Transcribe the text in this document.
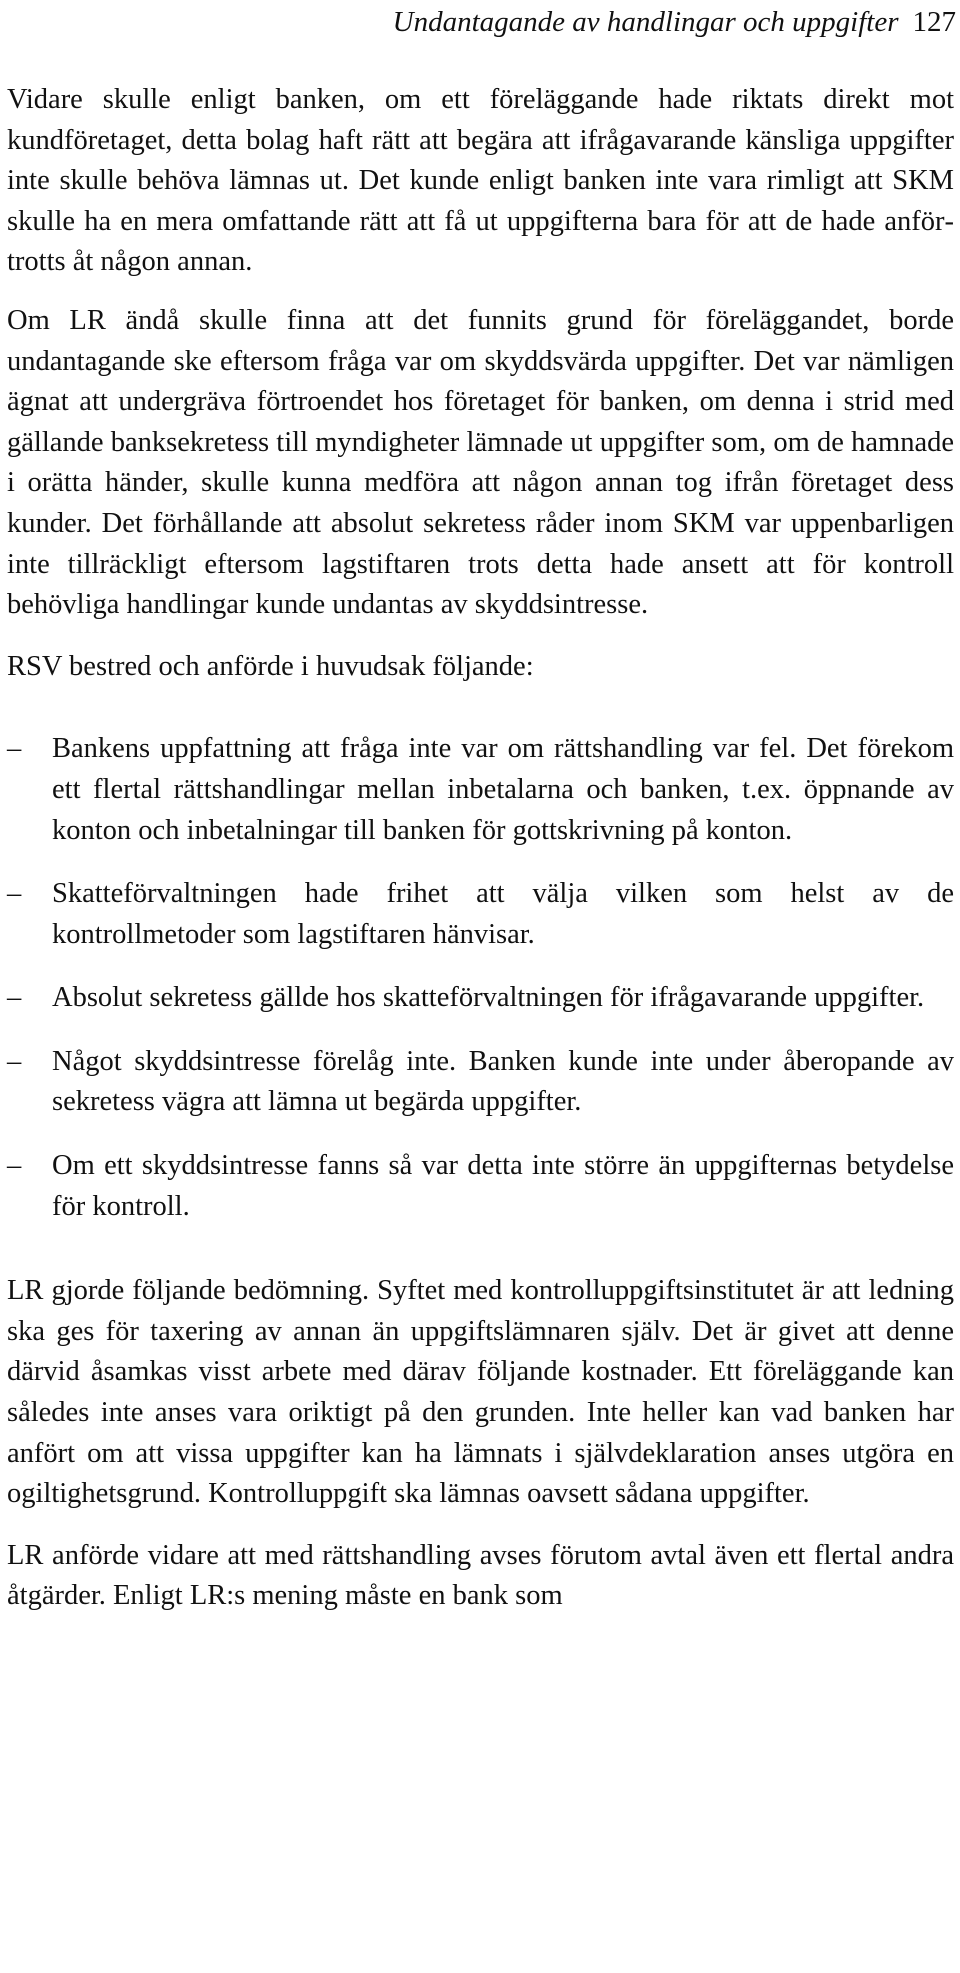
Undantagande av handlingar och uppgifter 127

Vidare skulle enligt banken, om ett föreläggande hade riktats direkt mot kundföretaget, detta bolag haft rätt att begära att ifrågavarande känsliga uppgifter inte skulle behöva lämnas ut. Det kunde enligt banken inte vara rimligt att SKM skulle ha en mera omfattande rätt att få ut uppgifterna bara för att de hade anförtrotts åt någon annan.

Om LR ändå skulle finna att det funnits grund för föreläggandet, borde undantagande ske eftersom fråga var om skyddsvärda uppgifter. Det var nämligen ägnat att undergräva förtroendet hos företaget för banken, om denna i strid med gällande banksekretess till myndigheter lämnade ut uppgifter som, om de hamnade i orätta händer, skulle kunna medföra att någon annan tog ifrån företaget dess kunder. Det förhållande att absolut sekretess råder inom SKM var uppenbarligen inte tillräckligt eftersom lagstiftaren trots detta hade ansett att för kontroll behövliga handlingar kunde undantas av skyddsintresse.

RSV bestred och anförde i huvudsak följande:

–	Bankens uppfattning att fråga inte var om rättshandling var fel. Det förekom ett flertal rättshandlingar mellan inbetalarna och banken, t.ex. öppnande av konton och inbetalningar till banken för gottskrivning på konton.
–	Skatteförvaltningen hade frihet att välja vilken som helst av de kontrollmetoder som lagstiftaren hänvisar.
–	Absolut sekretess gällde hos skatteförvaltningen för ifrågavarande uppgifter.
–	Något skyddsintresse förelåg inte. Banken kunde inte under åberopande av sekretess vägra att lämna ut begärda uppgifter.
–	Om ett skyddsintresse fanns så var detta inte större än uppgifternas betydelse för kontroll.

LR gjorde följande bedömning. Syftet med kontrolluppgiftsinstitutet är att ledning ska ges för taxering av annan än uppgiftslämnaren själv. Det är givet att denne därvid åsamkas visst arbete med därav följande kostnader. Ett föreläggande kan således inte anses vara oriktigt på den grunden. Inte heller kan vad banken har anfört om att vissa uppgifter kan ha lämnats i självdeklaration anses utgöra en ogiltighetsgrund. Kontrolluppgift ska lämnas oavsett sådana uppgifter.

LR anförde vidare att med rättshandling avses förutom avtal även ett flertal andra åtgärder. Enligt LR:s mening måste en bank som
